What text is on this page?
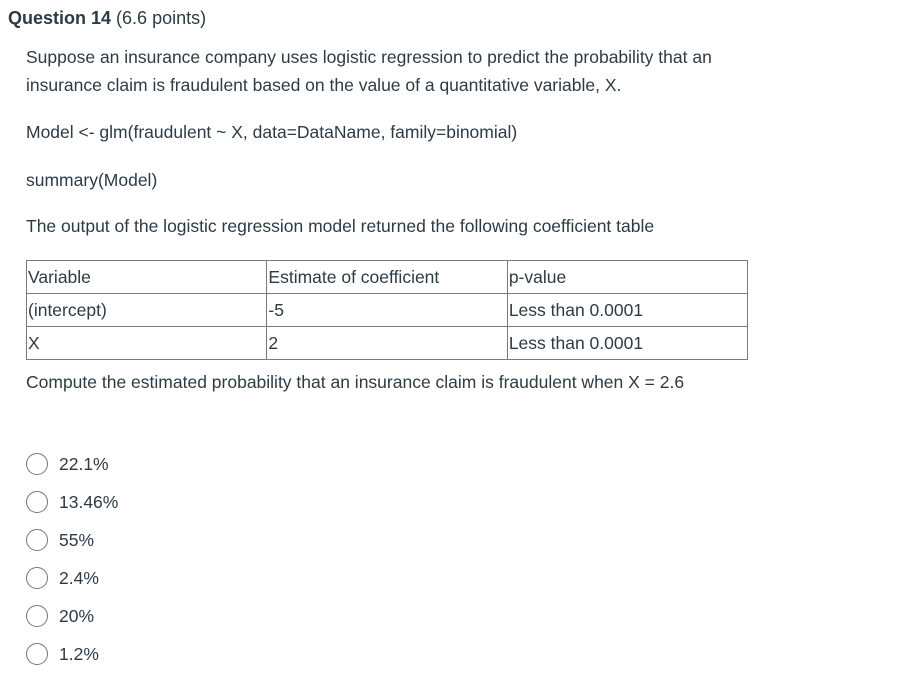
Question 14 (6.6 points)

Suppose an insurance company uses logistic regression to predict the probability that an insurance claim is fraudulent based on the value of a quantitative variable, X.

Model <- glm(fraudulent ~ X, data=DataName, family=binomial)

summary(Model)

The output of the logistic regression model returned the following coefficient table

Variable	Estimate of coefficient	p-value
(intercept)	-5	Less than 0.0001
X	2	Less than 0.0001

Compute the estimated probability that an insurance claim is fraudulent when X = 2.6

22.1%
13.46%
55%
2.4%
20%
1.2%
